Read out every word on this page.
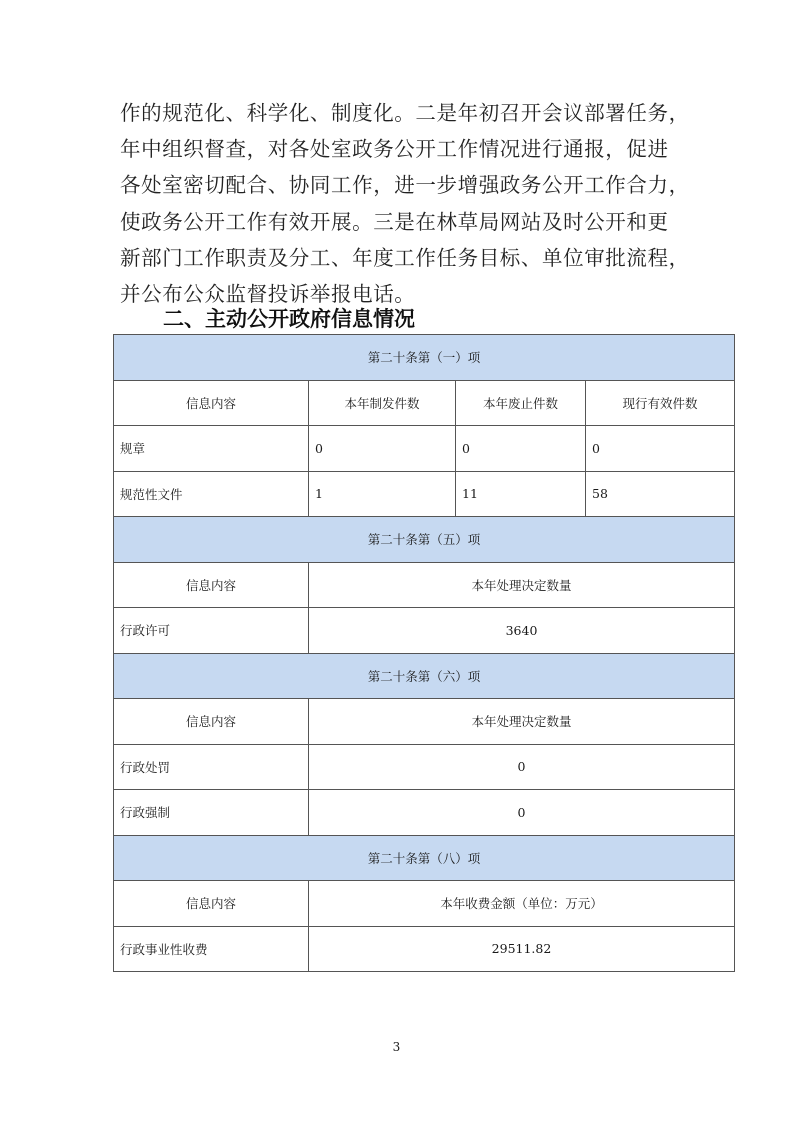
作的规范化、科学化、制度化。二是年初召开会议部署任务，
年中组织督查，对各处室政务公开工作情况进行通报，促进
各处室密切配合、协同工作，进一步增强政务公开工作合力，
使政务公开工作有效开展。三是在林草局网站及时公开和更
新部门工作职责及分工、年度工作任务目标、单位审批流程，
并公布公众监督投诉举报电话。
二、主动公开政府信息情况
第二十条第（一）项			
信息内容	本年制发件数	本年废止件数	现行有效件数
规章	0	0	0
规范性文件	1	11	58
第二十条第（五）项			
信息内容	本年处理决定数量		
行政许可	3640		
第二十条第（六）项			
信息内容	本年处理决定数量		
行政处罚	0		
行政强制	0		
第二十条第（八）项			
信息内容	本年收费金额（单位：万元）		
行政事业性收费	29511.82		
3
